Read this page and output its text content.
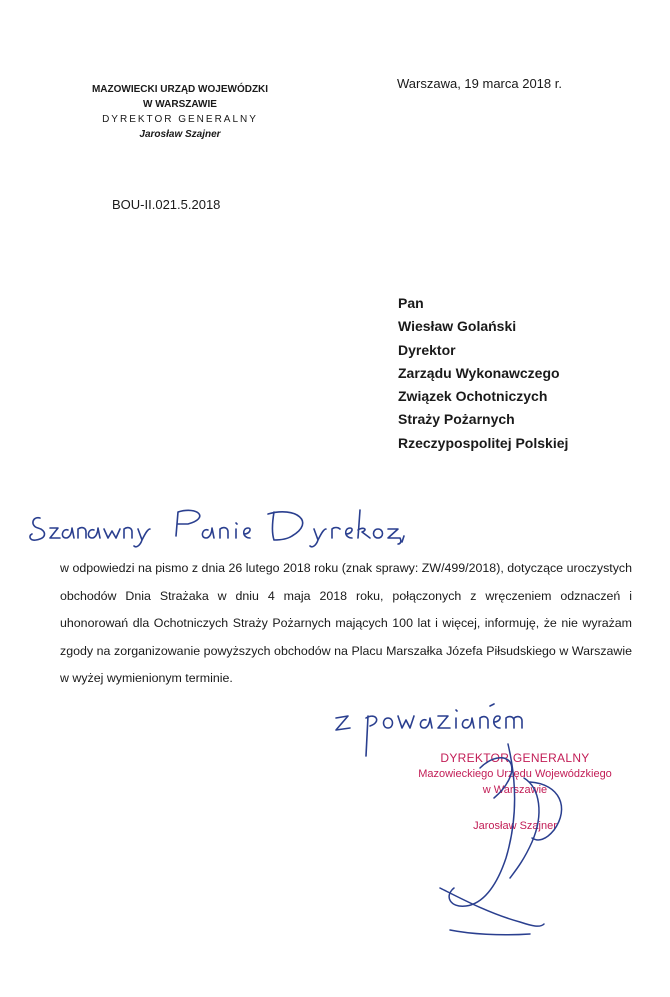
MAZOWIECKI URZĄD WOJEWÓDZKI
W WARSZAWIE
DYREKTOR GENERALNY
Jarosław Szajner
Warszawa, 19 marca 2018 r.
BOU-II.021.5.2018
Pan
Wiesław Golański
Dyrektor
Zarządu Wykonawczego
Związek Ochotniczych
Straży Pożarnych
Rzeczypospolitej Polskiej
w odpowiedzi na pismo z dnia 26 lutego 2018 roku (znak sprawy: ZW/499/2018), dotyczące uroczystych obchodów Dnia Strażaka w dniu 4 maja 2018 roku, połączonych z wręczeniem odznaczeń i uhonorowań dla Ochotniczych Straży Pożarnych mających 100 lat i więcej, informuję, że nie wyrażam zgody na zorganizowanie powyższych obchodów na Placu Marszałka Józefa Piłsudskiego w Warszawie w wyżej wymienionym terminie.
DYREKTOR GENERALNY
Mazowieckiego Urzędu Wojewódzkiego
w Warszawie
Jarosław Szajner
